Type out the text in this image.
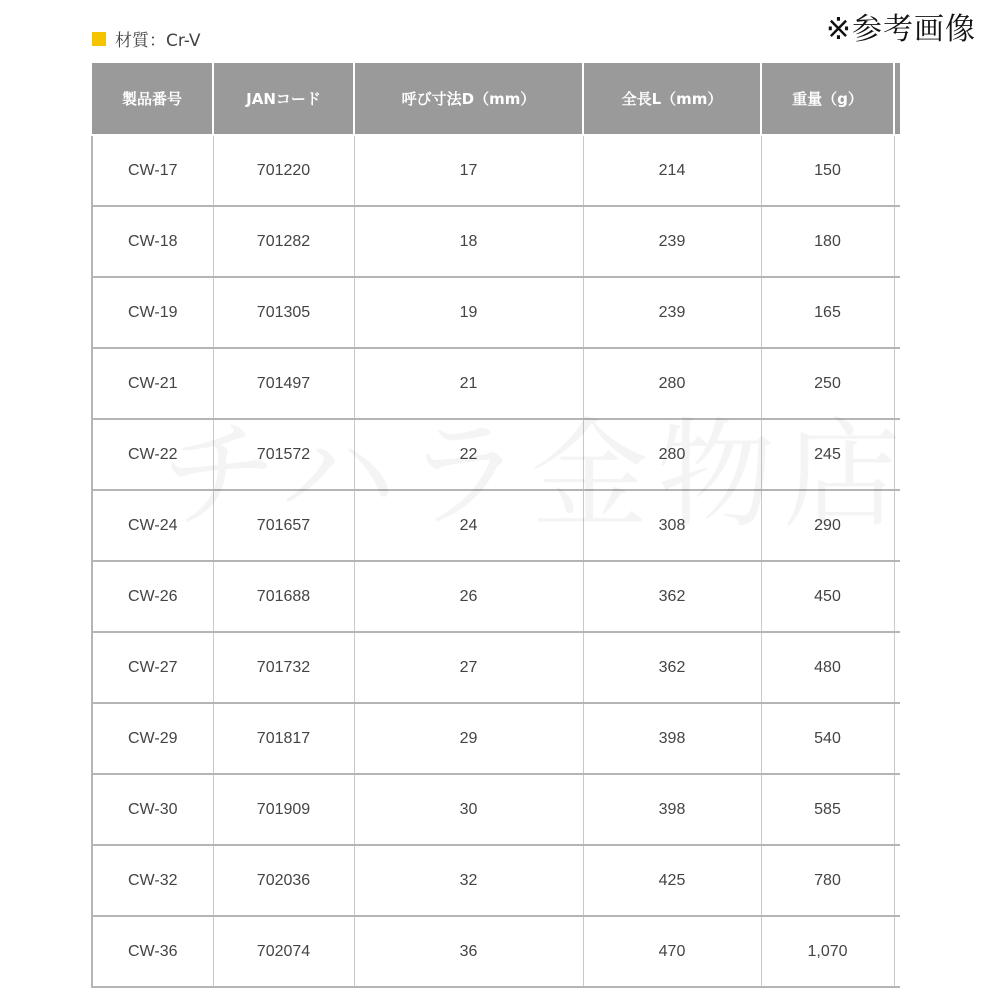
材質：Cr-V	※参考画像
製品番号	JANコード	呼び寸法D（mm）	全長L（mm）	重量（g）	
CW-17	701220	17	214	150	
CW-18	701282	18	239	180	
CW-19	701305	19	239	165	
CW-21	701497	21	280	250	
CW-22	701572	22	280	245	
CW-24	701657	24	308	290	
CW-26	701688	26	362	450	
CW-27	701732	27	362	480	
CW-29	701817	29	398	540	
CW-30	701909	30	398	585	
CW-32	702036	32	425	780	
CW-36	702074	36	470	1,070	
